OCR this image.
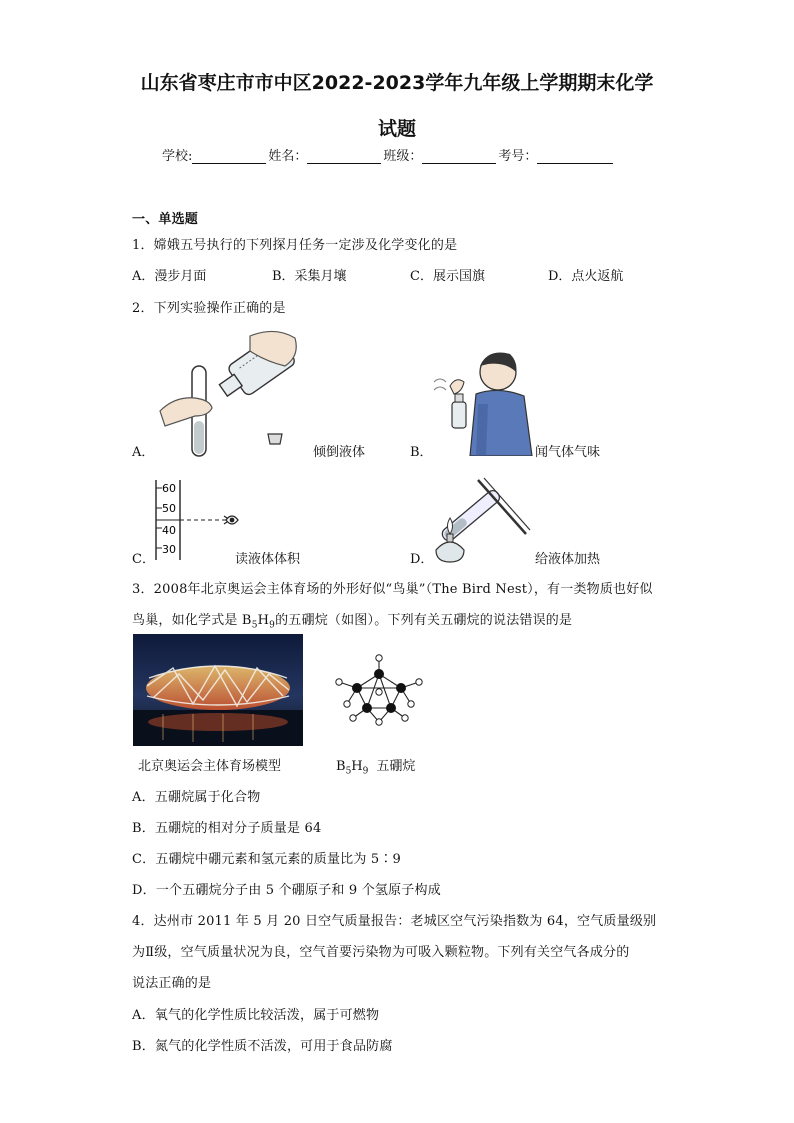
山东省枣庄市市中区2022-2023学年九年级上学期期末化学
试题
学校:	姓名：	班级：	考号：
一、单选题
1．嫦娥五号执行的下列探月任务一定涉及化学变化的是
A．漫步月面	B．采集月壤	C．展示国旗	D．点火返航
2．下列实验操作正确的是
A．	倾倒液体	B．	闻气体气味
60
50
40
30
C．	读液体体积	D．	给液体加热
3．2008年北京奥运会主体育场的外形好似“鸟巢”（The Bird Nest），有一类物质也好似
鸟巢，如化学式是 $B_5H_9$的五硼烷（如图）。下列有关五硼烷的说法错误的是
北京奥运会主体育场模型	$B_5H_9$ 五硼烷
A．五硼烷属于化合物
B．五硼烷的相对分子质量是 64
C．五硼烷中硼元素和氢元素的质量比为 5∶9
D．一个五硼烷分子由 5 个硼原子和 9 个氢原子构成
4．达州市 2011 年 5 月 20 日空气质量报告：老城区空气污染指数为 64，空气质量级别
为Ⅱ级，空气质量状况为良，空气首要污染物为可吸入颗粒物。下列有关空气各成分的
说法正确的是
A．氧气的化学性质比较活泼，属于可燃物
B．氮气的化学性质不活泼，可用于食品防腐
